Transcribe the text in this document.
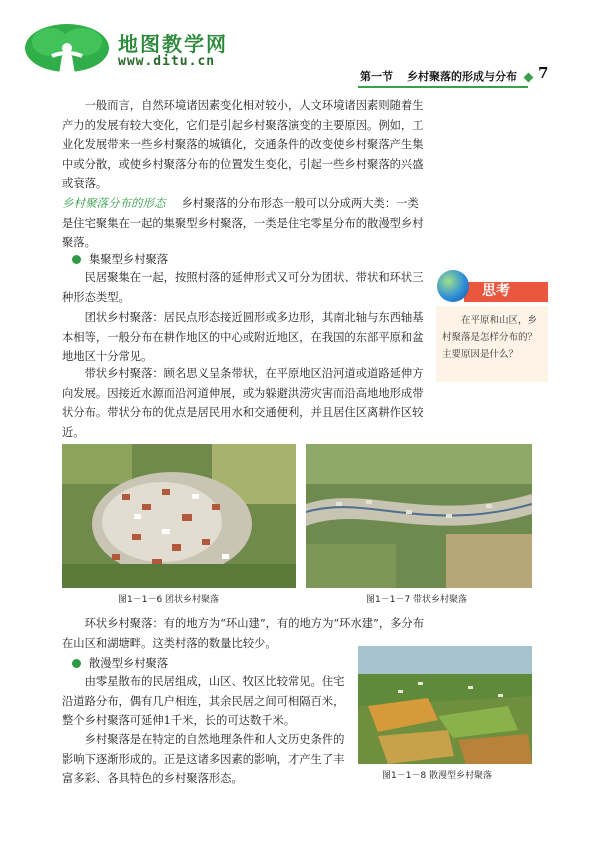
地图教学网
www.ditu.cn
第一节 乡村聚落的形成与分布	7
一般而言，自然环境诸因素变化相对较小，人文环境诸因素则随着生产力的发展有较大变化，它们是引起乡村聚落演变的主要原因。例如，工业化发展带来一些乡村聚落的城镇化，交通条件的改变使乡村聚落产生集中或分散，或使乡村聚落分布的位置发生变化，引起一些乡村聚落的兴盛或衰落。
乡村聚落分布的形态 乡村聚落的分布形态一般可以分成两大类：一类是住宅聚集在一起的集聚型乡村聚落，一类是住宅零星分布的散漫型乡村聚落。
集聚型乡村聚落
民居聚集在一起，按照村落的延伸形式又可分为团状、带状和环状三种形态类型。
团状乡村聚落：居民点形态接近圆形或多边形，其南北轴与东西轴基本相等，一般分布在耕作地区的中心或附近地区，在我国的东部平原和盆地地区十分常见。
带状乡村聚落：顾名思义呈条带状，在平原地区沿河道或道路延伸方向发展。因接近水源而沿河道伸展，或为躲避洪涝灾害而沿高地地形成带状分布。带状分布的优点是居民用水和交通便利，并且居住区离耕作区较近。
思考
在平原和山区，乡村聚落是怎样分布的？主要原因是什么？
图1－1－6 团状乡村聚落	图1－1－7 带状乡村聚落
环状乡村聚落：有的地方为“环山建”，有的地方为“环水建”，多分布在山区和湖塘畔。这类村落的数量比较少。
散漫型乡村聚落
由零星散布的民居组成，山区、牧区比较常见。住宅沿道路分布，偶有几户相连，其余民居之间可相隔百米，整个乡村聚落可延伸1千米，长的可达数千米。
乡村聚落是在特定的自然地理条件和人文历史条件的影响下逐渐形成的。正是这诸多因素的影响，才产生了丰富多彩、各具特色的乡村聚落形态。	图1－1－8 散漫型乡村聚落
